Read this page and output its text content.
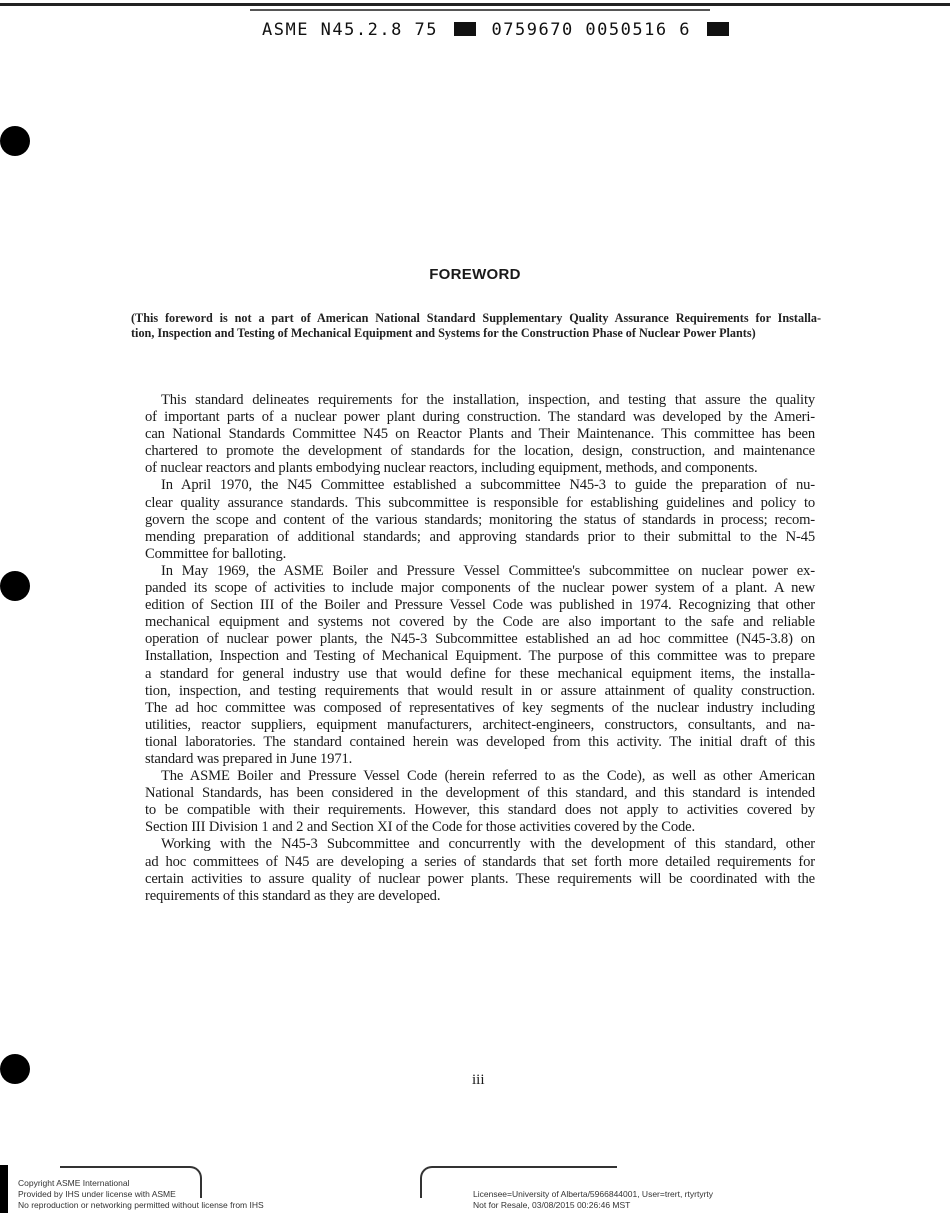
ASME N45.2.8 75	0759670 0050516 6
FOREWORD
(This foreword is not a part of American National Standard Supplementary Quality Assurance Requirements for Installa-
tion, Inspection and Testing of Mechanical Equipment and Systems for the Construction Phase of Nuclear Power Plants)
This standard delineates requirements for the installation, inspection, and testing that assure the quality
of important parts of a nuclear power plant during construction. The standard was developed by the Ameri-
can National Standards Committee N45 on Reactor Plants and Their Maintenance. This committee has been
chartered to promote the development of standards for the location, design, construction, and maintenance
of nuclear reactors and plants embodying nuclear reactors, including equipment, methods, and components.
In April 1970, the N45 Committee established a subcommittee N45-3 to guide the preparation of nu-
clear quality assurance standards. This subcommittee is responsible for establishing guidelines and policy to
govern the scope and content of the various standards; monitoring the status of standards in process; recom-
mending preparation of additional standards; and approving standards prior to their submittal to the N-45
Committee for balloting.
In May 1969, the ASME Boiler and Pressure Vessel Committee's subcommittee on nuclear power ex-
panded its scope of activities to include major components of the nuclear power system of a plant. A new
edition of Section III of the Boiler and Pressure Vessel Code was published in 1974. Recognizing that other
mechanical equipment and systems not covered by the Code are also important to the safe and reliable
operation of nuclear power plants, the N45-3 Subcommittee established an ad hoc committee (N45-3.8) on
Installation, Inspection and Testing of Mechanical Equipment. The purpose of this committee was to prepare
a standard for general industry use that would define for these mechanical equipment items, the installa-
tion, inspection, and testing requirements that would result in or assure attainment of quality construction.
The ad hoc committee was composed of representatives of key segments of the nuclear industry including
utilities, reactor suppliers, equipment manufacturers, architect-engineers, constructors, consultants, and na-
tional laboratories. The standard contained herein was developed from this activity. The initial draft of this
standard was prepared in June 1971.
The ASME Boiler and Pressure Vessel Code (herein referred to as the Code), as well as other American
National Standards, has been considered in the development of this standard, and this standard is intended
to be compatible with their requirements. However, this standard does not apply to activities covered by
Section III Division 1 and 2 and Section XI of the Code for those activities covered by the Code.
Working with the N45-3 Subcommittee and concurrently with the development of this standard, other
ad hoc committees of N45 are developing a series of standards that set forth more detailed requirements for
certain activities to assure quality of nuclear power plants. These requirements will be coordinated with the
requirements of this standard as they are developed.
iii
Copyright ASME International
Provided by IHS under license with ASME
No reproduction or networking permitted without license from IHS
Licensee=University of Alberta/5966844001, User=trert, rtyrtyrty
Not for Resale, 03/08/2015 00:26:46 MST
